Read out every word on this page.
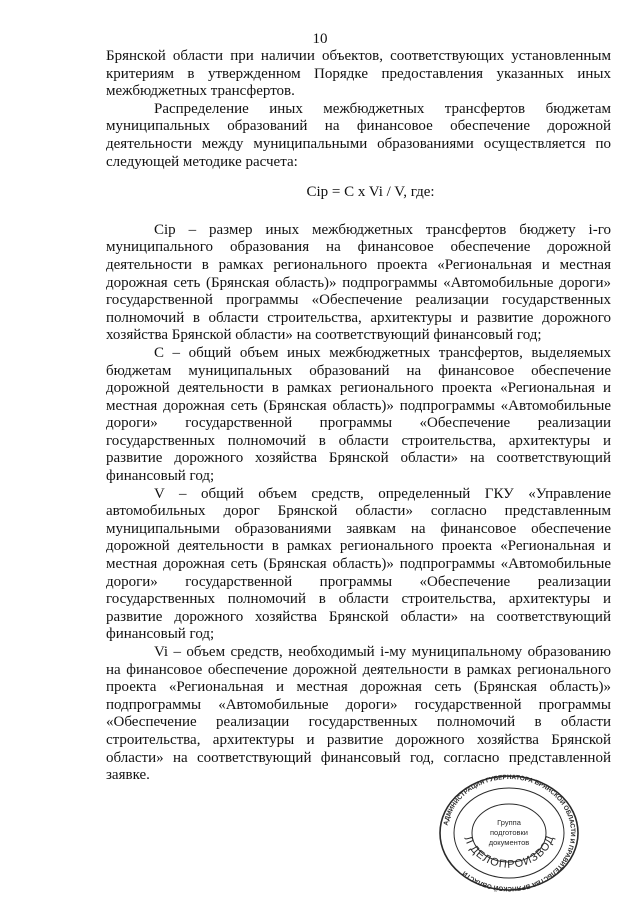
10

Брянской области при наличии объектов, соответствующих установленным критериям в утвержденном Порядке предоставления указанных иных межбюджетных трансфертов.

Распределение иных межбюджетных трансфертов бюджетам муниципальных образований на финансовое обеспечение дорожной деятельности между муниципальными образованиями осуществляется по следующей методике расчета:

Сip = C x Vi / V, где:

Сip – размер иных межбюджетных трансфертов бюджету i-го муниципального образования на финансовое обеспечение дорожной деятельности в рамках регионального проекта «Региональная и местная дорожная сеть (Брянская область)» подпрограммы «Автомобильные дороги» государственной программы «Обеспечение реализации государственных полномочий в области строительства, архитектуры и развитие дорожного хозяйства Брянской области» на соответствующий финансовый год;

С – общий объем иных межбюджетных трансфертов, выделяемых бюджетам муниципальных образований на финансовое обеспечение дорожной деятельности в рамках регионального проекта «Региональная и местная дорожная сеть (Брянская область)» подпрограммы «Автомобильные дороги» государственной программы «Обеспечение реализации государственных полномочий в области строительства, архитектуры и развитие дорожного хозяйства Брянской области» на соответствующий финансовый год;

V – общий объем средств, определенный ГКУ «Управление автомобильных дорог Брянской области» согласно представленным муниципальными образованиями заявкам на финансовое обеспечение дорожной деятельности в рамках регионального проекта «Региональная и местная дорожная сеть (Брянская область)» подпрограммы «Автомобильные дороги» государственной программы «Обеспечение реализации государственных полномочий в области строительства, архитектуры и развитие дорожного хозяйства Брянской области» на соответствующий финансовый год;

Vi – объем средств, необходимый i-му муниципальному образованию на финансовое обеспечение дорожной деятельности в рамках регионального проекта «Региональная и местная дорожная сеть (Брянская область)» подпрограммы «Автомобильные дороги» государственной программы «Обеспечение реализации государственных полномочий в области строительства, архитектуры и развитие дорожного хозяйства Брянской области» на соответствующий финансовый год, согласно представленной заявке.

АДМИНИСТРАЦИЯ ГУБЕРНАТОРА БРЯНСКОЙ ОБЛАСТИ И ПРАВИТЕЛЬСТВА БРЯНСКОЙ ОБЛАСТИ
Л ДЕЛОПРОИЗВОД
Группа
подготовки
документов
